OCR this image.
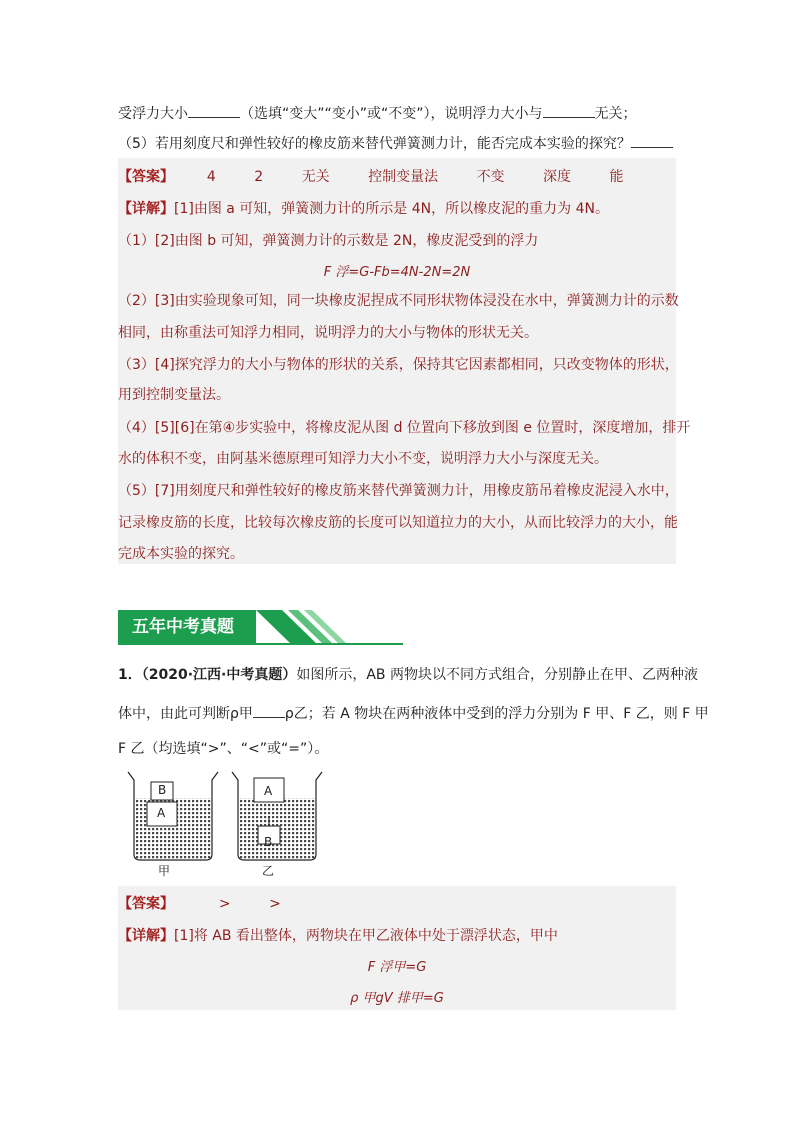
受浮力大小	（选填“变大”“变小”或“不变”），说明浮力大小与	无关；
（5）若用刻度尺和弹性较好的橡皮筋来替代弹簧测力计，能否完成本实验的探究？
【答案】 4	2	无关	控制变量法	不变	深度	能
【详解】[1]由图 a 可知，弹簧测力计的所示是 4N，所以橡皮泥的重力为 4N。
（1）[2]由图 b 可知，弹簧测力计的示数是 2N，橡皮泥受到的浮力
F 浮=G-Fb=4N-2N=2N
（2）[3]由实验现象可知，同一块橡皮泥捏成不同形状物体浸没在水中，弹簧测力计的示数
相同，由称重法可知浮力相同，说明浮力的大小与物体的形状无关。
（3）[4]探究浮力的大小与物体的形状的关系，保持其它因素都相同，只改变物体的形状，
用到控制变量法。
（4）[5][6]在第④步实验中，将橡皮泥从图 d 位置向下移放到图 e 位置时，深度增加，排开
水的体积不变，由阿基米德原理可知浮力大小不变，说明浮力大小与深度无关。
（5）[7]用刻度尺和弹性较好的橡皮筋来替代弹簧测力计，用橡皮筋吊着橡皮泥浸入水中，
记录橡皮筋的长度，比较每次橡皮筋的长度可以知道拉力的大小，从而比较浮力的大小，能
完成本实验的探究。
五年中考真题
1．（2020·江西·中考真题）如图所示，AB 两物块以不同方式组合，分别静止在甲、乙两种液
体中，由此可判断ρ甲 ρ乙；若 A 物块在两种液体中受到的浮力分别为 F 甲、F 乙，则 F 甲
F 乙（均选填“>”、“<”或“=”）。
B
A
A
B
甲	乙
【答案】	>	>
【详解】[1]将 AB 看出整体，两物块在甲乙液体中处于漂浮状态，甲中
F 浮甲=G
ρ 甲gV 排甲=G
